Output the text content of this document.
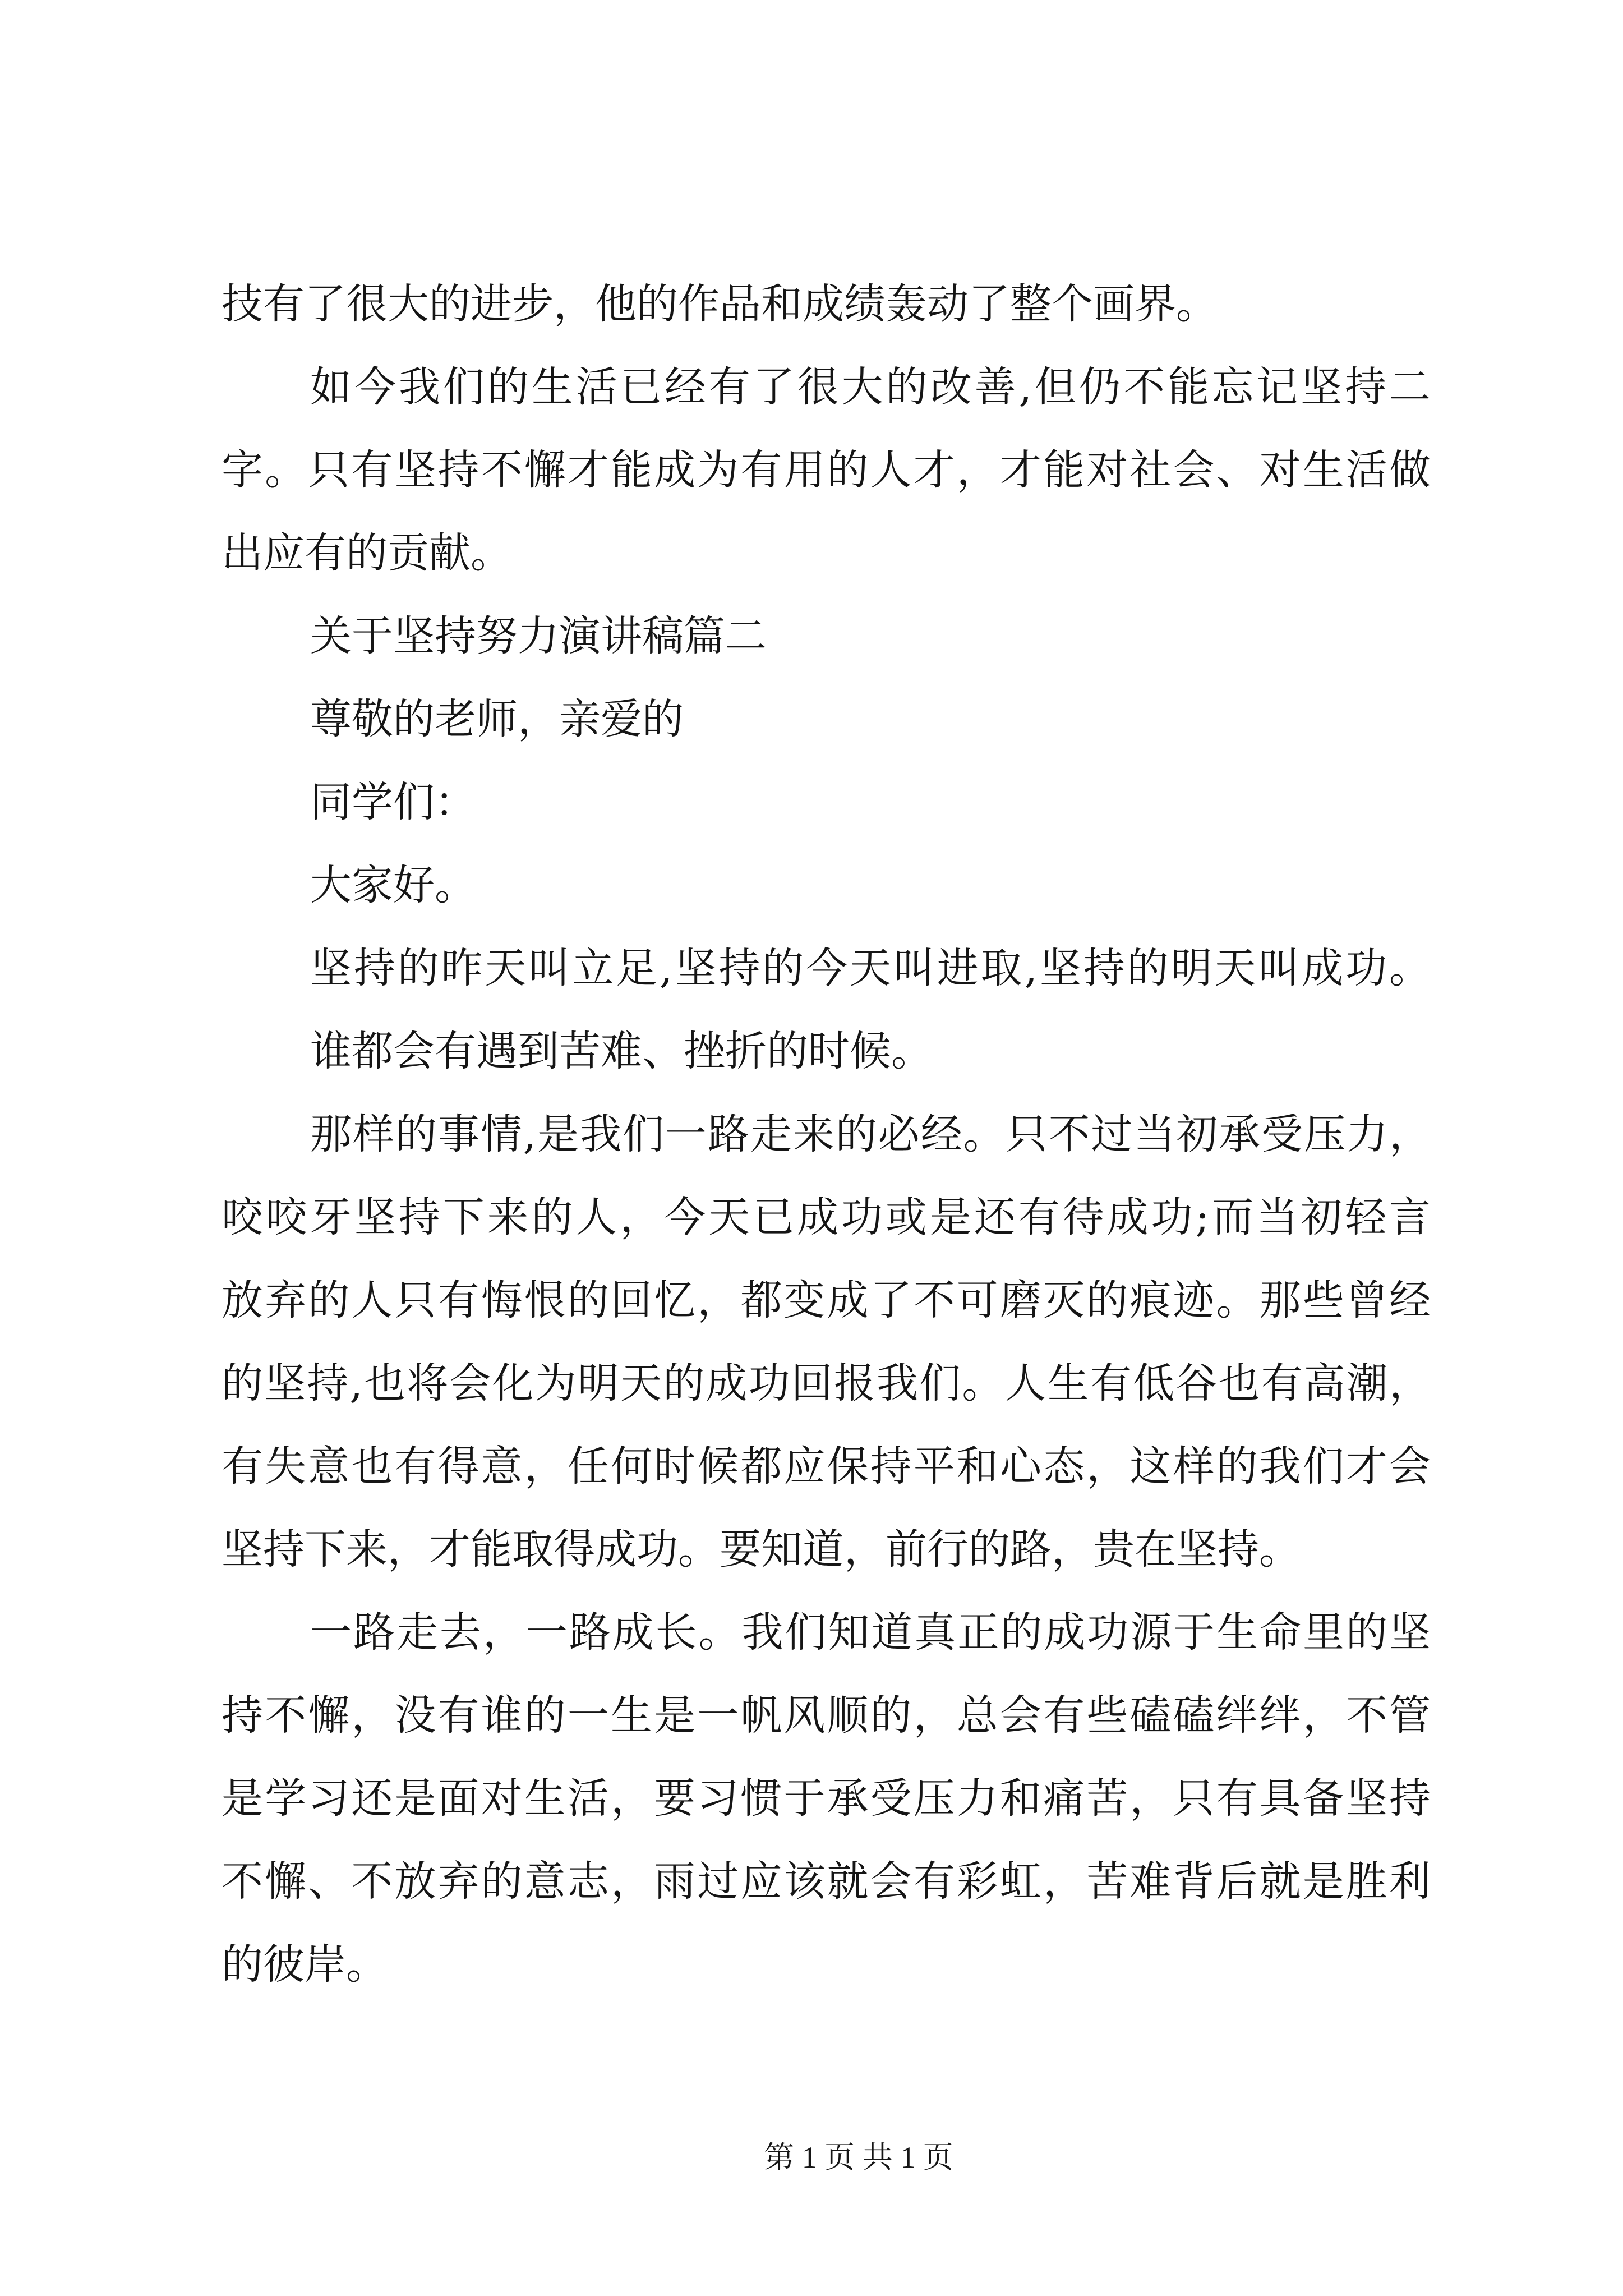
技有了很大的进步，他的作品和成绩轰动了整个画界。
如今我们的生活已经有了很大的改善,但仍不能忘记坚持二
字。只有坚持不懈才能成为有用的人才，才能对社会、对生活做
出应有的贡献。
关于坚持努力演讲稿篇二
尊敬的老师，亲爱的
同学们：
大家好。
坚持的昨天叫立足,坚持的今天叫进取,坚持的明天叫成功。
谁都会有遇到苦难、挫折的时候。
那样的事情,是我们一路走来的必经。只不过当初承受压力，
咬咬牙坚持下来的人，今天已成功或是还有待成功;而当初轻言
放弃的人只有悔恨的回忆，都变成了不可磨灭的痕迹。那些曾经
的坚持,也将会化为明天的成功回报我们。人生有低谷也有高潮，
有失意也有得意，任何时候都应保持平和心态，这样的我们才会
坚持下来，才能取得成功。要知道，前行的路，贵在坚持。
一路走去，一路成长。我们知道真正的成功源于生命里的坚
持不懈，没有谁的一生是一帆风顺的，总会有些磕磕绊绊，不管
是学习还是面对生活，要习惯于承受压力和痛苦，只有具备坚持
不懈、不放弃的意志，雨过应该就会有彩虹，苦难背后就是胜利
的彼岸。
第 1 页 共 1 页
